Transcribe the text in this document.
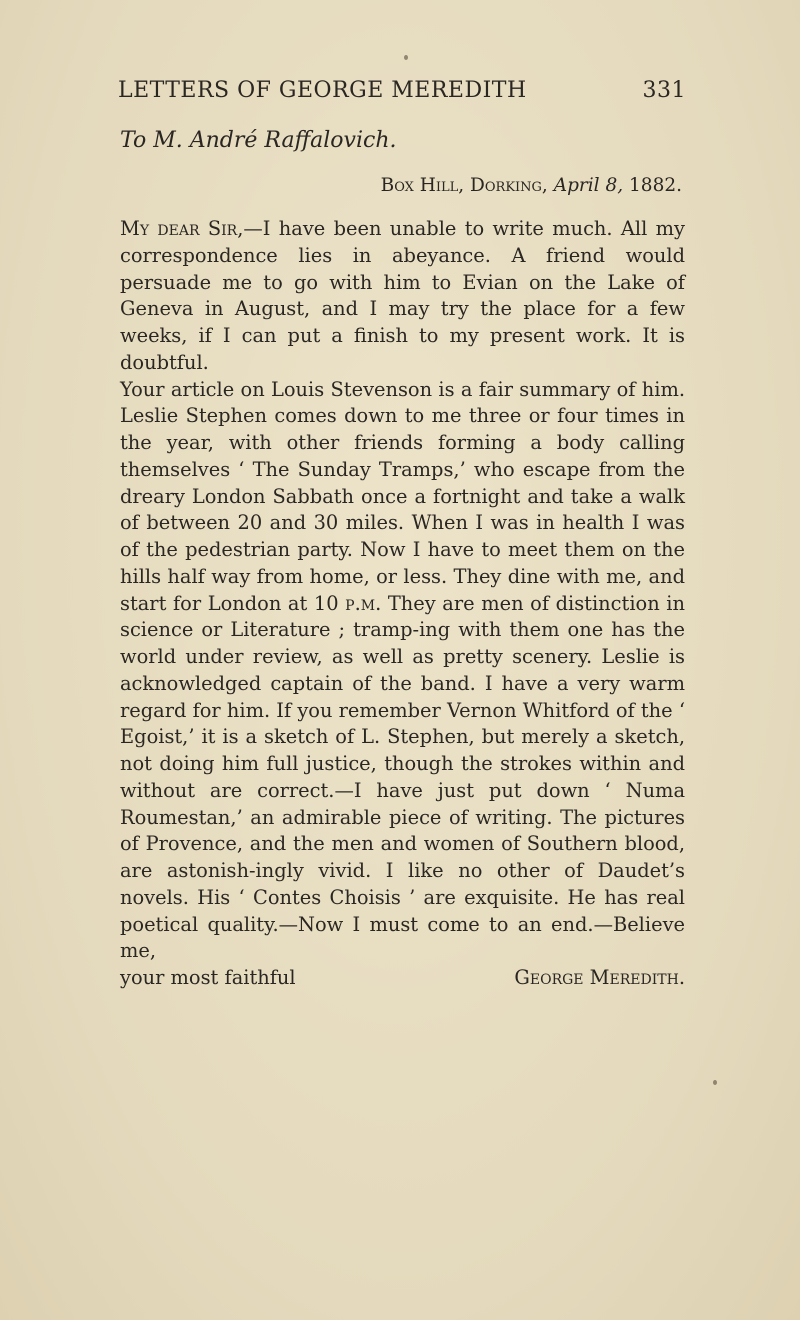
LETTERS OF GEORGE MEREDITH	331
To M. André Raffalovich.
Box Hill, Dorking, April 8, 1882.

My dear Sir,—I have been unable to write much. All my correspondence lies in abeyance. A friend would persuade me to go with him to Evian on the Lake of Geneva in August, and I may try the place for a few weeks, if I can put a finish to my present work. It is doubtful.

Your article on Louis Stevenson is a fair summary of him. Leslie Stephen comes down to me three or four times in the year, with other friends forming a body calling themselves ‘ The Sunday Tramps,’ who escape from the dreary London Sabbath once a fortnight and take a walk of between 20 and 30 miles. When I was in health I was of the pedestrian party. Now I have to meet them on the hills half way from home, or less. They dine with me, and start for London at 10 p.m. They are men of distinction in science or Literature ; tramp-ing with them one has the world under review, as well as pretty scenery. Leslie is acknowledged captain of the band. I have a very warm regard for him. If you remember Vernon Whitford of the ‘ Egoist,’ it is a sketch of L. Stephen, but merely a sketch, not doing him full justice, though the strokes within and without are correct.—I have just put down ‘ Numa Roumestan,’ an admirable piece of writing. The pictures of Provence, and the men and women of Southern blood, are astonish-ingly vivid. I like no other of Daudet’s novels. His ‘ Contes Choisis ’ are exquisite. He has real poetical quality.—Now I must come to an end.—Believe me,

your most faithful	George Meredith.
